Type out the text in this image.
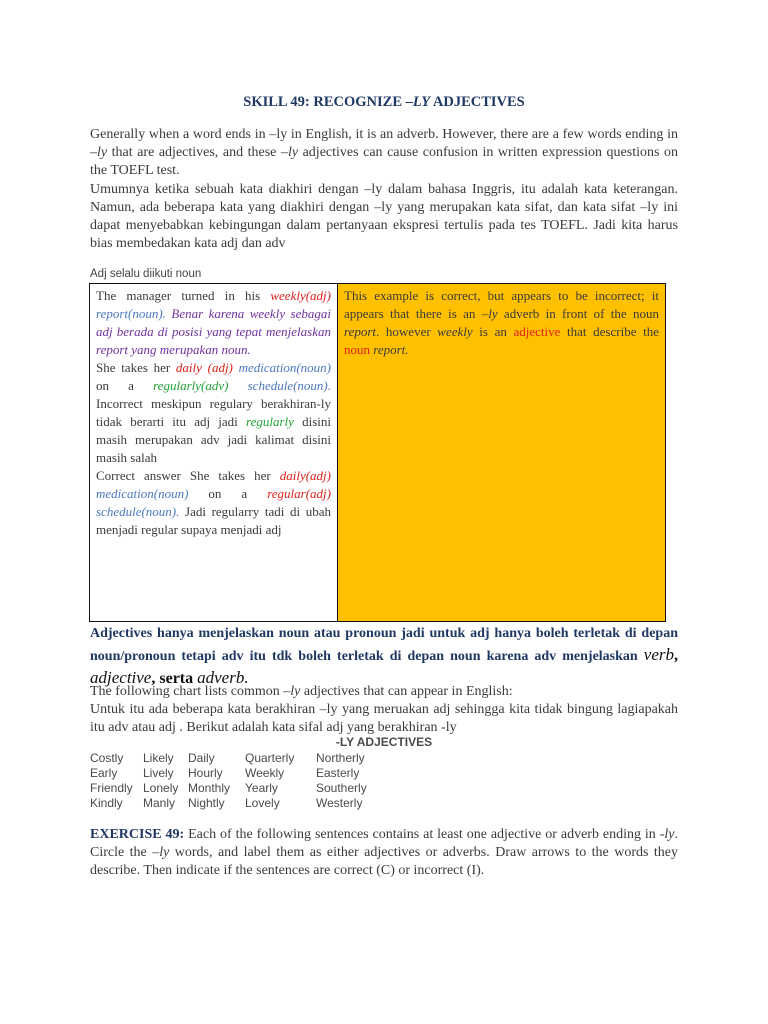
SKILL 49: RECOGNIZE –LY ADJECTIVES
Generally when a word ends in –ly in English, it is an adverb. However, there are a few words ending in –ly that are adjectives, and these –ly adjectives can cause confusion in written expression questions on the TOEFL test.
Umumnya ketika sebuah kata diakhiri dengan –ly dalam bahasa Inggris, itu adalah kata keterangan. Namun, ada beberapa kata yang diakhiri dengan –ly yang merupakan kata sifat, dan kata sifat –ly ini dapat menyebabkan kebingungan dalam pertanyaan ekspresi tertulis pada tes TOEFL. Jadi kita harus bias membedakan kata adj dan adv
Adj selalu diikuti noun
The manager turned in his weekly(adj) report(noun). Benar karena weekly sebagai adj berada di posisi yang tepat menjelaskan report yang merupakan noun.
She takes her daily (adj) medication(noun) on a regularly(adv) schedule(noun). Incorrect meskipun regulary berakhiran-ly tidak berarti itu adj jadi regularly disini masih merupakan adv jadi kalimat disini masih salah
Correct answer She takes her daily(adj) medication(noun) on a regular(adj) schedule(noun). Jadi regularry tadi di ubah menjadi regular supaya menjadi adj
This example is correct, but appears to be incorrect; it appears that there is an –ly adverb in front of the noun report. however weekly is an adjective that describe the noun report.
Adjectives hanya menjelaskan noun atau pronoun jadi untuk adj hanya boleh terletak di depan noun/pronoun tetapi adv itu tdk boleh terletak di depan noun karena adv menjelaskan verb, adjective, serta adverb.
The following chart lists common –ly adjectives that can appear in English:
Untuk itu ada beberapa kata berakhiran –ly yang meruakan adj sehingga kita tidak bingung lagiapakah itu adv atau adj . Berikut adalah kata sifal adj yang berakhiran -ly
-LY ADJECTIVES
Costly Likely Daily	Quarterly Northerly
Early Lively Hourly Weekly	Easterly
Friendly Lonely Monthly Yearly	Southerly
Kindly Manly Nightly Lovely	Westerly
EXERCISE 49: Each of the following sentences contains at least one adjective or adverb ending in -ly. Circle the –ly words, and label them as either adjectives or adverbs. Draw arrows to the words they describe. Then indicate if the sentences are correct (C) or incorrect (I).
